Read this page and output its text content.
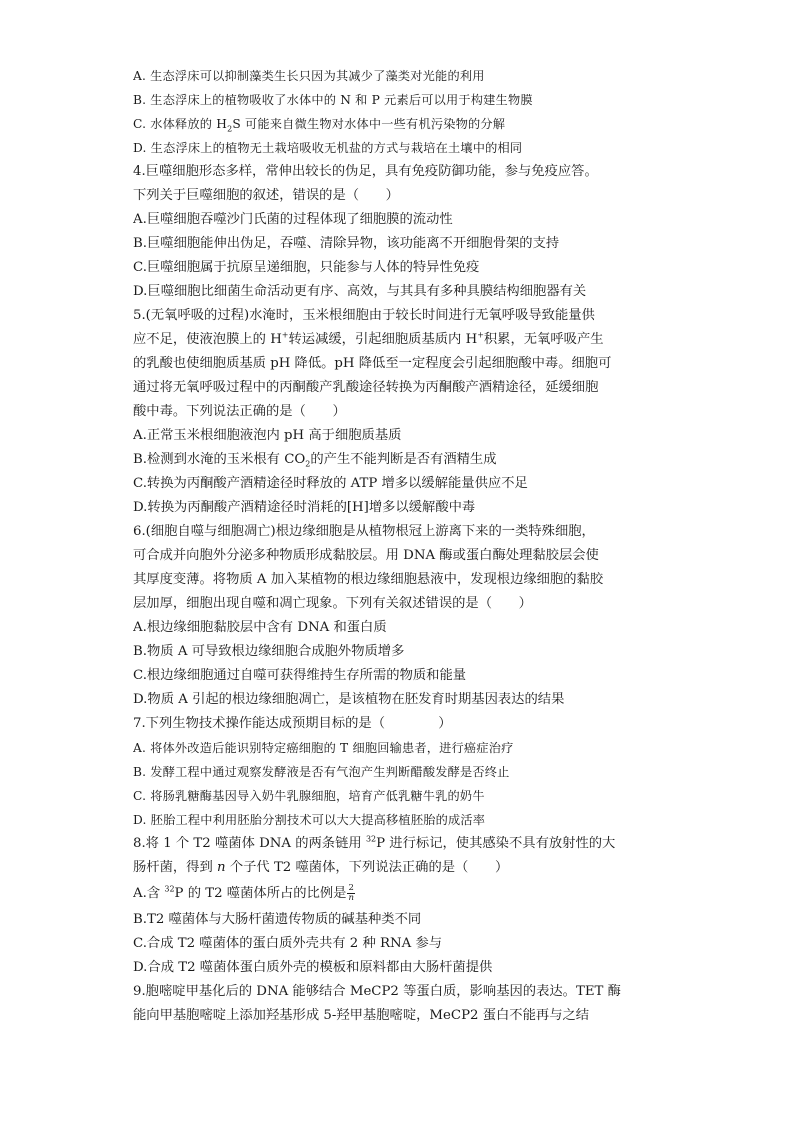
A. 生态浮床可以抑制藻类生长只因为其减少了藻类对光能的利用
B. 生态浮床上的植物吸收了水体中的 N 和 P 元素后可以用于构建生物膜
C. 水体释放的 $H_2S$ 可能来自微生物对水体中一些有机污染物的分解
D. 生态浮床上的植物无土栽培吸收无机盐的方式与栽培在土壤中的相同
4.巨噬细胞形态多样，常伸出较长的伪足，具有免疫防御功能，参与免疫应答。
下列关于巨噬细胞的叙述，错误的是（　　）
A.巨噬细胞吞噬沙门氏菌的过程体现了细胞膜的流动性
B.巨噬细胞能伸出伪足，吞噬、清除异物，该功能离不开细胞骨架的支持
C.巨噬细胞属于抗原呈递细胞，只能参与人体的特异性免疫
D.巨噬细胞比细菌生命活动更有序、高效，与其具有多种具膜结构细胞器有关
5.(无氧呼吸的过程)水淹时，玉米根细胞由于较长时间进行无氧呼吸导致能量供
应不足，使液泡膜上的 H+转运减缓，引起细胞质基质内 H+积累，无氧呼吸产生
的乳酸也使细胞质基质 pH 降低。pH 降低至一定程度会引起细胞酸中毒。细胞可
通过将无氧呼吸过程中的丙酮酸产乳酸途径转换为丙酮酸产酒精途径，延缓细胞
酸中毒。下列说法正确的是（　　）
A.正常玉米根细胞液泡内 pH 高于细胞质基质
B.检测到水淹的玉米根有 $CO_2$的产生不能判断是否有酒精生成
C.转换为丙酮酸产酒精途径时释放的 ATP 增多以缓解能量供应不足
D.转换为丙酮酸产酒精途径时消耗的[H]增多以缓解酸中毒
6.(细胞自噬与细胞凋亡)根边缘细胞是从植物根冠上游离下来的一类特殊细胞，
可合成并向胞外分泌多种物质形成黏胶层。用 DNA 酶或蛋白酶处理黏胶层会使
其厚度变薄。将物质 A 加入某植物的根边缘细胞悬液中，发现根边缘细胞的黏胶
层加厚，细胞出现自噬和凋亡现象。下列有关叙述错误的是（　　）
A.根边缘细胞黏胶层中含有 DNA 和蛋白质
B.物质 A 可导致根边缘细胞合成胞外物质增多
C.根边缘细胞通过自噬可获得维持生存所需的物质和能量
D.物质 A 引起的根边缘细胞凋亡，是该植物在胚发育时期基因表达的结果
7.下列生物技术操作能达成预期目标的是（　　　　）
A. 将体外改造后能识别特定癌细胞的 T 细胞回输患者，进行癌症治疗
B. 发酵工程中通过观察发酵液是否有气泡产生判断醋酸发酵是否终止
C. 将肠乳糖酶基因导入奶牛乳腺细胞，培育产低乳糖牛乳的奶牛
D. 胚胎工程中利用胚胎分割技术可以大大提高移植胚胎的成活率
8.将 1 个 T2 噬菌体 DNA 的两条链用 $^{32}$P 进行标记，使其感染不具有放射性的大
肠杆菌，得到 n 个子代 T2 噬菌体，下列说法正确的是（　　）
A.含 $^{32}$P 的 T2 噬菌体所占的比例是 $\frac{2}{n}$
B.T2 噬菌体与大肠杆菌遗传物质的碱基种类不同
C.合成 T2 噬菌体的蛋白质外壳共有 2 种 RNA 参与
D.合成 T2 噬菌体蛋白质外壳的模板和原料都由大肠杆菌提供
9.胞嘧啶甲基化后的 DNA 能够结合 MeCP2 等蛋白质，影响基因的表达。TET 酶
能向甲基胞嘧啶上添加羟基形成 5-羟甲基胞嘧啶，MeCP2 蛋白不能再与之结
